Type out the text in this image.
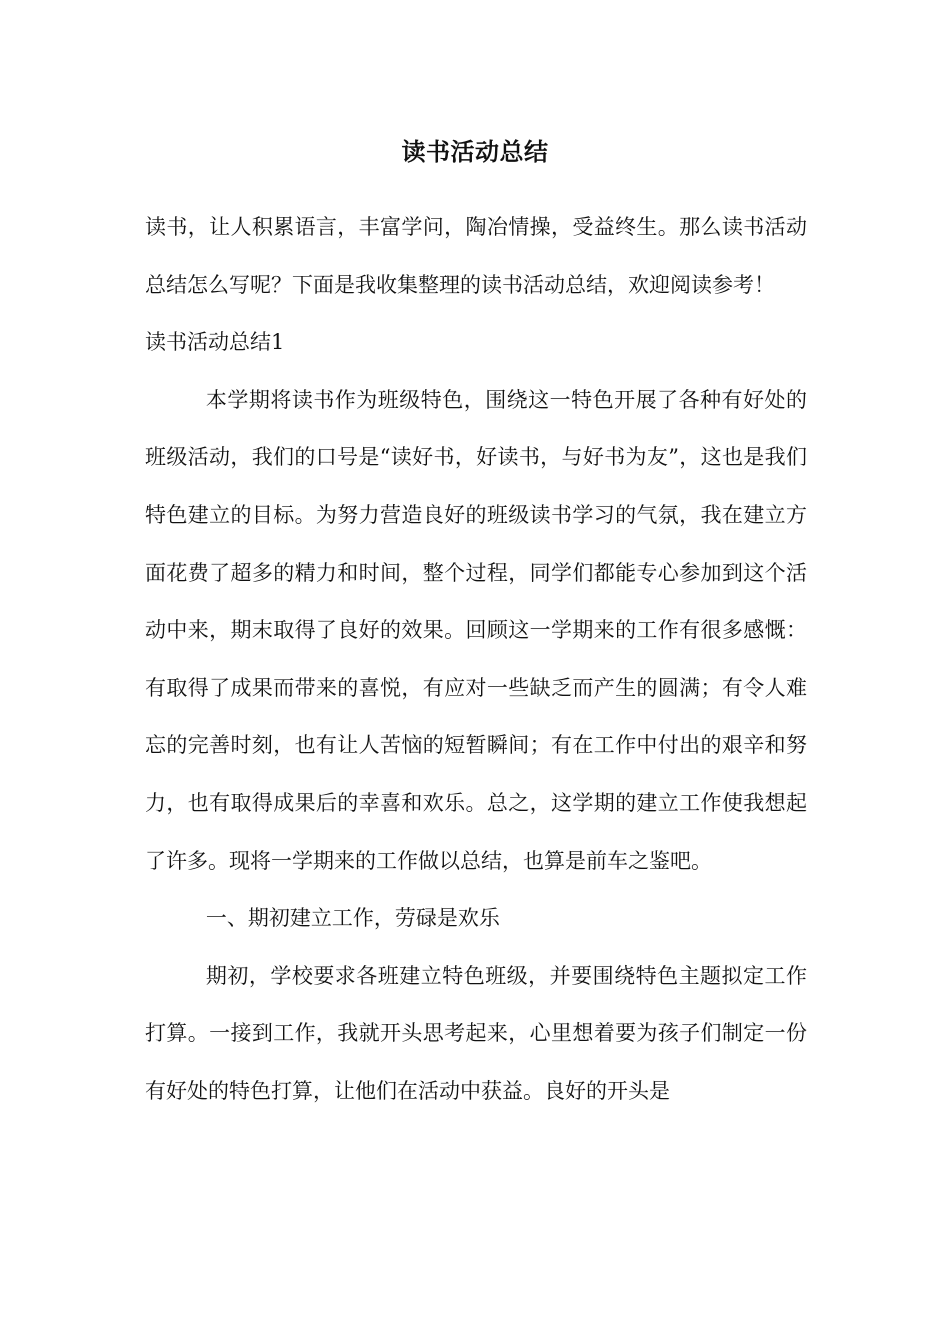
读书活动总结

读书，让人积累语言，丰富学问，陶冶情操，受益终生。那么读书活动总结怎么写呢？下面是我收集整理的读书活动总结，欢迎阅读参考！

读书活动总结1

本学期将读书作为班级特色，围绕这一特色开展了各种有好处的班级活动，我们的口号是“读好书，好读书，与好书为友”，这也是我们特色建立的目标。为努力营造良好的班级读书学习的气氛，我在建立方面花费了超多的精力和时间，整个过程，同学们都能专心参加到这个活动中来，期末取得了良好的效果。回顾这一学期来的工作有很多感慨：有取得了成果而带来的喜悦，有应对一些缺乏而产生的圆满；有令人难忘的完善时刻，也有让人苦恼的短暂瞬间；有在工作中付出的艰辛和努力，也有取得成果后的幸喜和欢乐。总之，这学期的建立工作使我想起了许多。现将一学期来的工作做以总结，也算是前车之鉴吧。

一、期初建立工作，劳碌是欢乐

期初，学校要求各班建立特色班级，并要围绕特色主题拟定工作打算。一接到工作，我就开头思考起来，心里想着要为孩子们制定一份有好处的特色打算，让他们在活动中获益。良好的开头是
